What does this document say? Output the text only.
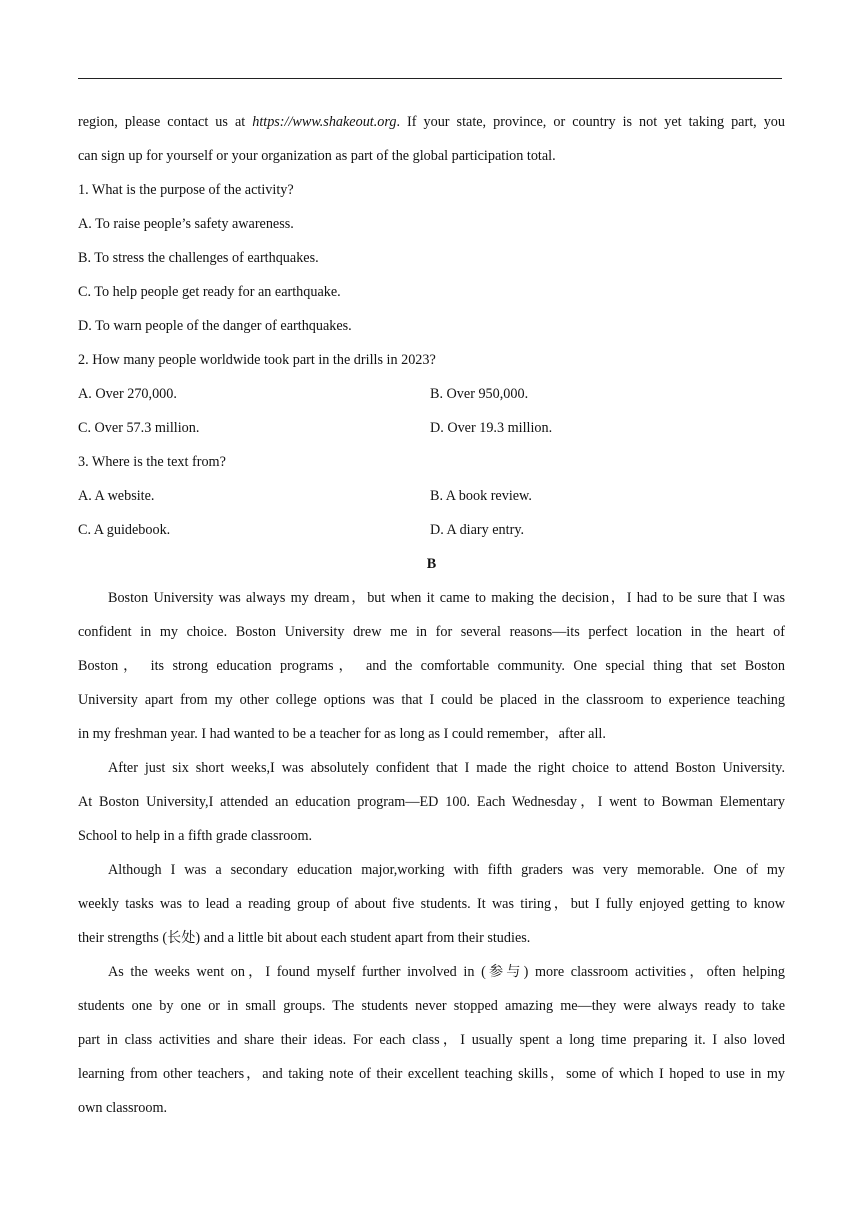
region, please contact us at https://www.shakeout.org. If your state, province, or country is not yet taking part, you
can sign up for yourself or your organization as part of the global participation total.
1. What is the purpose of the activity?
A. To raise people’s safety awareness.
B. To stress the challenges of earthquakes.
C. To help people get ready for an earthquake.
D. To warn people of the danger of earthquakes.
2. How many people worldwide took part in the drills in 2023?
A. Over 270,000.	B. Over 950,000.
C. Over 57.3 million.	D. Over 19.3 million.
3. Where is the text from?
A. A website.	B. A book review.
C. A guidebook.	D. A diary entry.
B
Boston University was always my dream，but when it came to making the decision，I had to be sure that I was
confident in my choice. Boston University drew me in for several reasons—its perfect location in the heart of
Boston， its strong education programs， and the comfortable community. One special thing that set Boston
University apart from my other college options was that I could be placed in the classroom to experience teaching
in my freshman year. I had wanted to be a teacher for as long as I could remember，after all.
After just six short weeks,I was absolutely confident that I made the right choice to attend Boston University.
At Boston University,I attended an education program—ED 100. Each Wednesday，I went to Bowman Elementary
School to help in a fifth grade classroom.
Although I was a secondary education major,working with fifth graders was very memorable. One of my
weekly tasks was to lead a reading group of about five students. It was tiring，but I fully enjoyed getting to know
their strengths (长处) and a little bit about each student apart from their studies.
As the weeks went on，I found myself further involved in (参与) more classroom activities，often helping
students one by one or in small groups. The students never stopped amazing me—they were always ready to take
part in class activities and share their ideas. For each class，I usually spent a long time preparing it. I also loved
learning from other teachers，and taking note of their excellent teaching skills，some of which I hoped to use in my
own classroom.
